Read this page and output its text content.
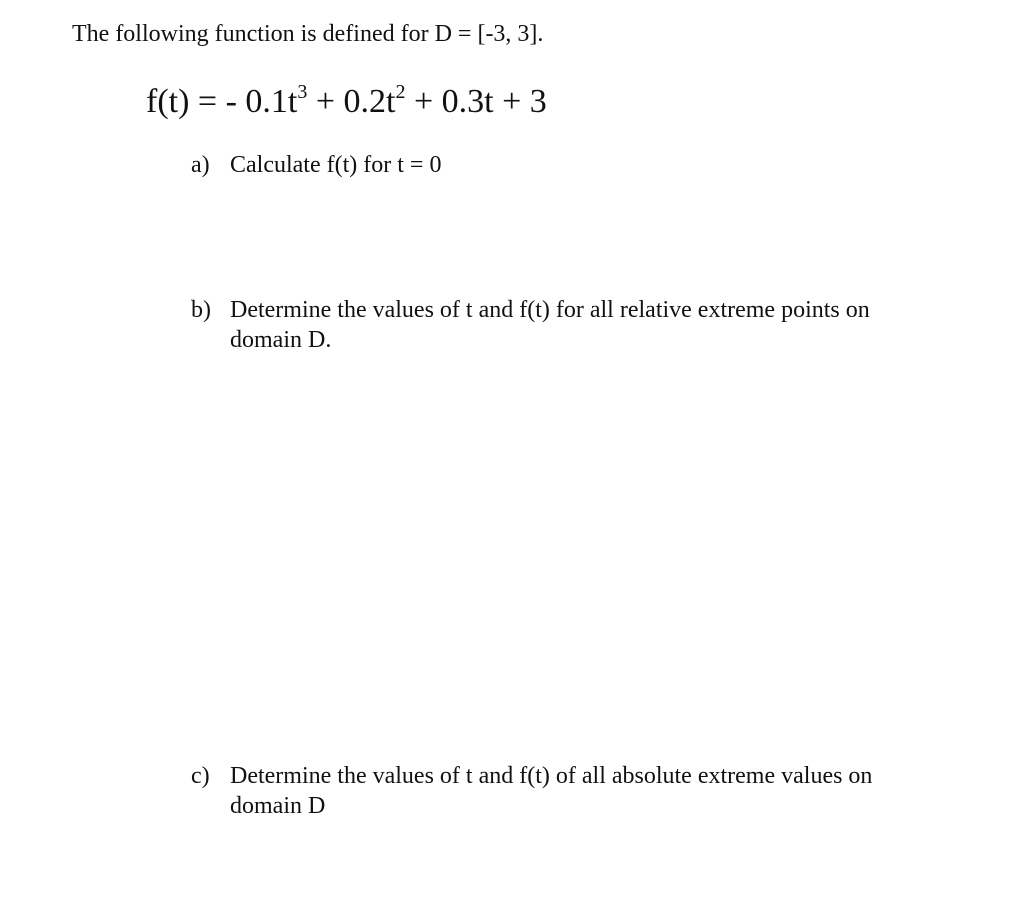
The following function is defined for D = [-3, 3].
f(t) = - $0.1t^3 + 0.2t^2 + 0.3t + 3$
a) Calculate f(t) for t = 0
b) Determine the values of t and f(t) for all relative extreme points on domain D.
c) Determine the values of t and f(t) of all absolute extreme values on domain D
